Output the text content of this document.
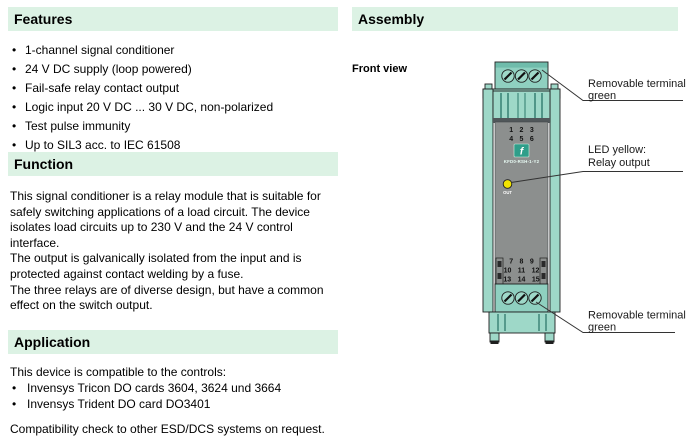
Features
• 1-channel signal conditioner
• 24 V DC supply (loop powered)
• Fail-safe relay contact output
• Logic input 20 V DC ... 30 V DC, non-polarized
• Test pulse immunity
• Up to SIL3 acc. to IEC 61508
Function
This signal conditioner is a relay module that is suitable for
safely switching applications of a load circuit. The device
isolates load circuits up to 230 V and the 24 V control
interface.
The output is galvanically isolated from the input and is
protected against contact welding by a fuse.
The three relays are of diverse design, but have a common
effect on the switch output.
Application
This device is compatible to the controls:
• Invensys Tricon DO cards 3604, 3624 und 3664
• Invensys Trident DO card DO3401
Compatibility check to other ESD/DCS systems on request.
Assembly
Front view
1 2 3
4 5 6
f
KFD0-RSH-1-Y2
OUT
7 8 9
10 11 12
13 14 15
Removable terminal
green
LED yellow:
Relay output
Removable terminal
green
